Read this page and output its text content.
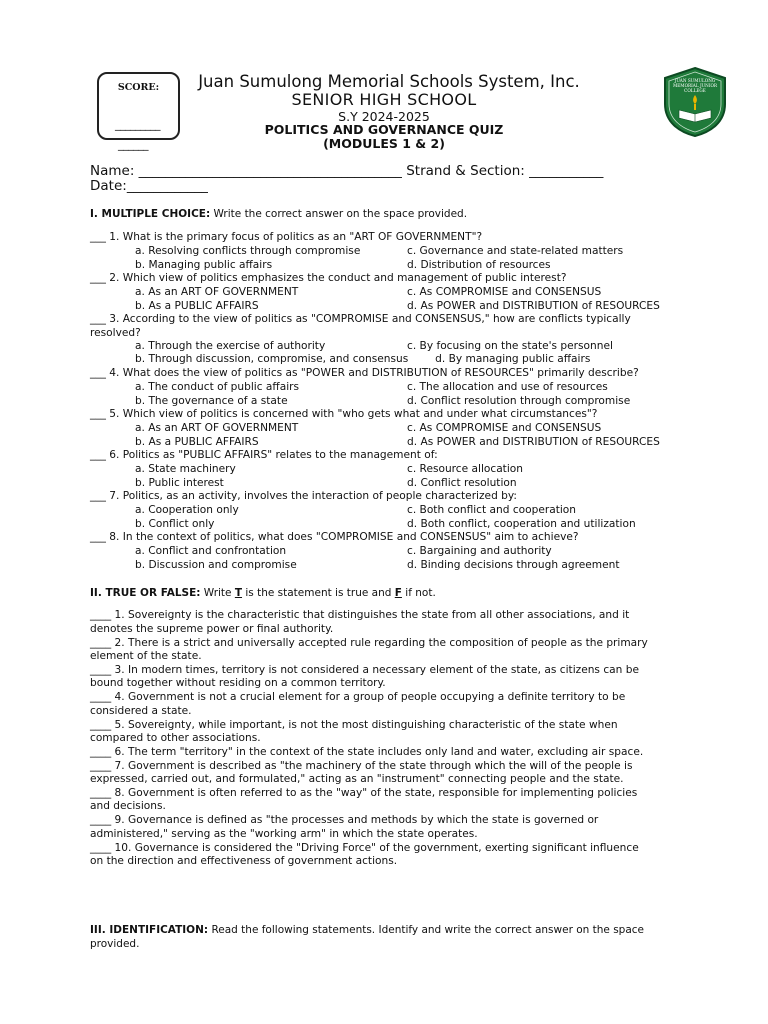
SCORE:
_________
______
Juan Sumulong Memorial Schools System, Inc.
SENIOR HIGH SCHOOL
S.Y 2024-2025
POLITICS AND GOVERNANCE QUIZ
(MODULES 1 & 2)
JUAN SUMULONG
MEMORIAL JUNIOR
COLLEGE
Name: _______________________________________ Strand & Section: ___________
Date:____________
I. MULTIPLE CHOICE: Write the correct answer on the space provided.
___ 1. What is the primary focus of politics as an "ART OF GOVERNMENT"?
a. Resolving conflicts through compromise	c. Governance and state-related matters
b. Managing public affairs	d. Distribution of resources
___ 2. Which view of politics emphasizes the conduct and management of public interest?
a. As an ART OF GOVERNMENT	c. As COMPROMISE and CONSENSUS
b. As a PUBLIC AFFAIRS	d. As POWER and DISTRIBUTION of RESOURCES
___ 3. According to the view of politics as "COMPROMISE and CONSENSUS," how are conflicts typically
resolved?
a. Through the exercise of authority	c. By focusing on the state's personnel
b. Through discussion, compromise, and consensus        d. By managing public affairs
___ 4. What does the view of politics as "POWER and DISTRIBUTION of RESOURCES" primarily describe?
a. The conduct of public affairs	c. The allocation and use of resources
b. The governance of a state	d. Conflict resolution through compromise
___ 5. Which view of politics is concerned with "who gets what and under what circumstances"?
a. As an ART OF GOVERNMENT	c. As COMPROMISE and CONSENSUS
b. As a PUBLIC AFFAIRS	d. As POWER and DISTRIBUTION of RESOURCES
___ 6. Politics as "PUBLIC AFFAIRS" relates to the management of:
a. State machinery	c. Resource allocation
b. Public interest	d. Conflict resolution
___ 7. Politics, as an activity, involves the interaction of people characterized by:
a. Cooperation only	c. Both conflict and cooperation
b. Conflict only	d. Both conflict, cooperation and utilization
___ 8. In the context of politics, what does "COMPROMISE and CONSENSUS" aim to achieve?
a. Conflict and confrontation	c. Bargaining and authority
b. Discussion and compromise	d. Binding decisions through agreement
II. TRUE OR FALSE: Write T is the statement is true and F if not.
____ 1. Sovereignty is the characteristic that distinguishes the state from all other associations, and it
denotes the supreme power or final authority.
____ 2. There is a strict and universally accepted rule regarding the composition of people as the primary
element of the state.
____ 3. In modern times, territory is not considered a necessary element of the state, as citizens can be
bound together without residing on a common territory.
____ 4. Government is not a crucial element for a group of people occupying a definite territory to be
considered a state.
____ 5. Sovereignty, while important, is not the most distinguishing characteristic of the state when
compared to other associations.
____ 6. The term "territory" in the context of the state includes only land and water, excluding air space.
____ 7. Government is described as "the machinery of the state through which the will of the people is
expressed, carried out, and formulated," acting as an "instrument" connecting people and the state.
____ 8. Government is often referred to as the "way" of the state, responsible for implementing policies
and decisions.
____ 9. Governance is defined as "the processes and methods by which the state is governed or
administered," serving as the "working arm" in which the state operates.
____ 10. Governance is considered the "Driving Force" of the government, exerting significant influence
on the direction and effectiveness of government actions.
III. IDENTIFICATION: Read the following statements. Identify and write the correct answer on the space
provided.
